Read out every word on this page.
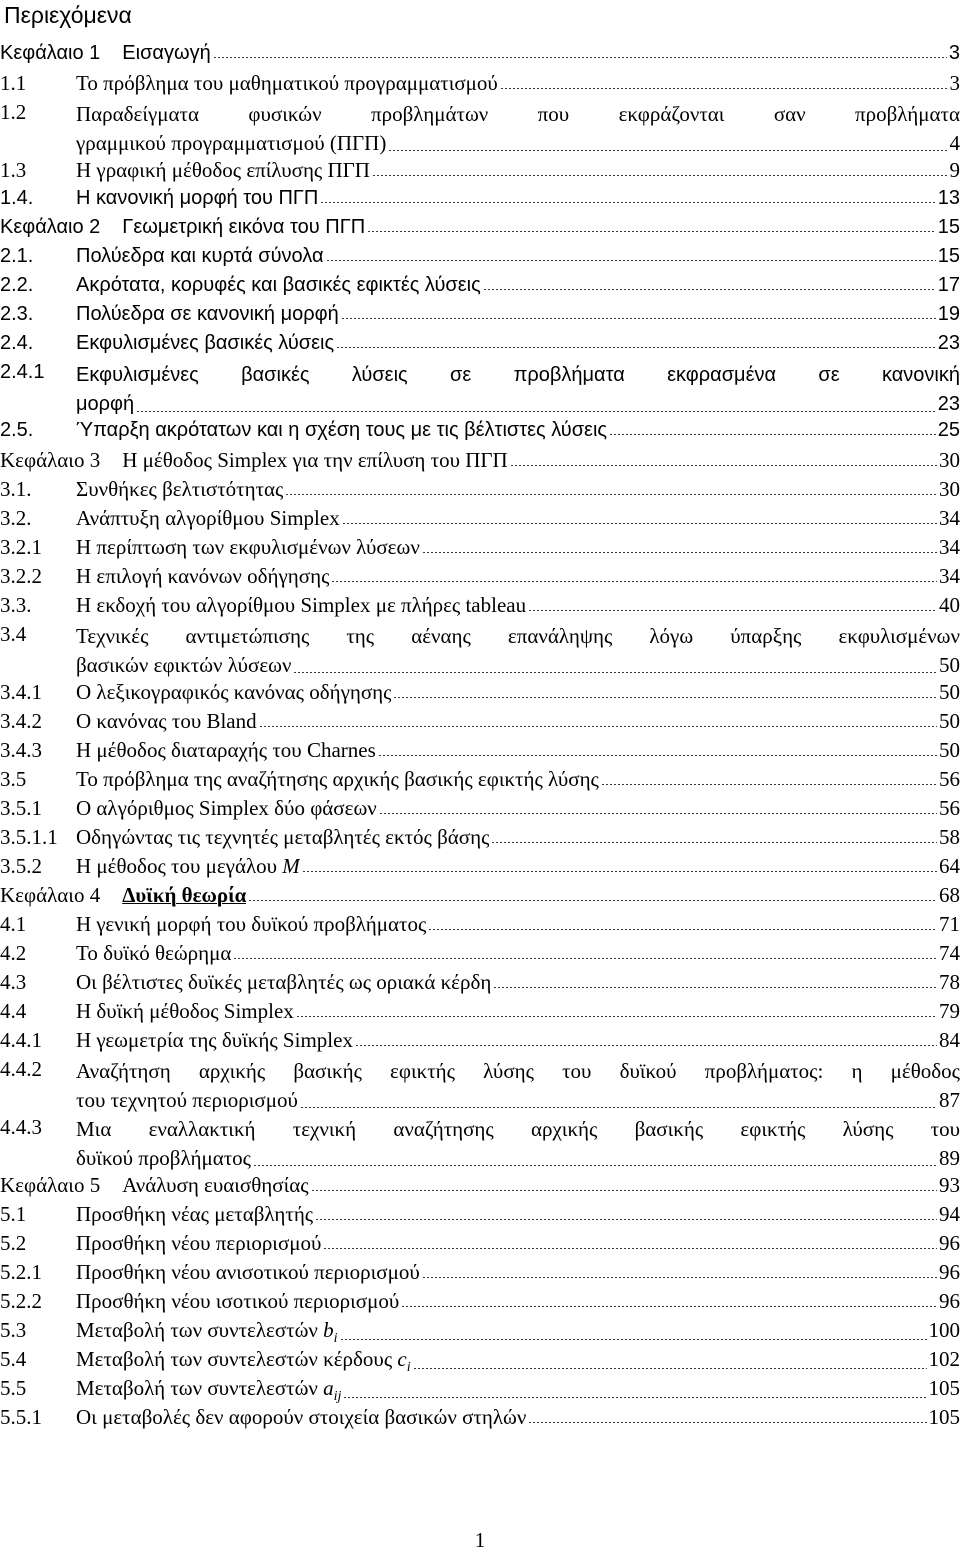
Περιεχόμενα
Κεφάλαιο 1 Εισαγωγή	3
1.1	Το πρόβλημα του μαθηματικού προγραμματισμού	3
1.2	Παραδείγματα φυσικών προβλημάτων που εκφράζονται σαν προβλήματα
γραμμικού προγραμματισμού (ΠΓΠ)	4
1.3	Η γραφική μέθοδος επίλυσης ΠΓΠ	9
1.4.	Η κανονική μορφή του ΠΓΠ	13
Κεφάλαιο 2 Γεωμετρική εικόνα του ΠΓΠ	15
2.1.	Πολύεδρα και κυρτά σύνολα	15
2.2.	Ακρότατα, κορυφές και βασικές εφικτές λύσεις	17
2.3.	Πολύεδρα σε κανονική μορφή	19
2.4.	Εκφυλισμένες βασικές λύσεις	23
2.4.1	Εκφυλισμένες βασικές λύσεις σε προβλήματα εκφρασμένα σε κανονική
μορφή	23
2.5.	Ύπαρξη ακρότατων και η σχέση τους με τις βέλτιστες λύσεις	25
Κεφάλαιο 3 Η μέθοδος Simplex για την επίλυση του ΠΓΠ	30
3.1.	Συνθήκες βελτιστότητας	30
3.2.	Ανάπτυξη αλγορίθμου Simplex	34
3.2.1	Η περίπτωση των εκφυλισμένων λύσεων	34
3.2.2	Η επιλογή κανόνων οδήγησης	34
3.3.	Η εκδοχή του αλγορίθμου Simplex με πλήρες tableau	40
3.4	Τεχνικές αντιμετώπισης της αέναης επανάληψης λόγω ύπαρξης εκφυλισμένων
βασικών εφικτών λύσεων	50
3.4.1	Ο λεξικογραφικός κανόνας οδήγησης	50
3.4.2	Ο κανόνας του Bland	50
3.4.3	Η μέθοδος διαταραχής του Charnes	50
3.5	Το πρόβλημα της αναζήτησης αρχικής βασικής εφικτής λύσης	56
3.5.1	Ο αλγόριθμος Simplex δύο φάσεων	56
3.5.1.1 Οδηγώντας τις τεχνητές μεταβλητές εκτός βάσης	58
3.5.2	Η μέθοδος του μεγάλου M	64
Κεφάλαιο 4 Δυϊκή θεωρία	68
4.1	Η γενική μορφή του δυϊκού προβλήματος	71
4.2	Το δυϊκό θεώρημα	74
4.3	Οι βέλτιστες δυϊκές μεταβλητές ως οριακά κέρδη	78
4.4	Η δυϊκή μέθοδος Simplex	79
4.4.1	Η γεωμετρία της δυϊκής Simplex	84
4.4.2	Αναζήτηση αρχικής βασικής εφικτής λύσης του δυϊκού προβλήματος: η μέθοδος
του τεχνητού περιορισμού	87
4.4.3	Μια εναλλακτική τεχνική αναζήτησης αρχικής βασικής εφικτής λύσης του
δυϊκού προβλήματος	89
Κεφάλαιο 5 Ανάλυση ευαισθησίας	93
5.1	Προσθήκη νέας μεταβλητής	94
5.2	Προσθήκη νέου περιορισμού	96
5.2.1	Προσθήκη νέου ανισοτικού περιορισμού	96
5.2.2	Προσθήκη νέου ισοτικού περιορισμού	96
5.3	Μεταβολή των συντελεστών $b_i$	100
5.4	Μεταβολή των συντελεστών κέρδους $c_i$	102
5.5	Μεταβολή των συντελεστών $a_{ij}$	105
5.5.1	Οι μεταβολές δεν αφορούν στοιχεία βασικών στηλών	105
1
